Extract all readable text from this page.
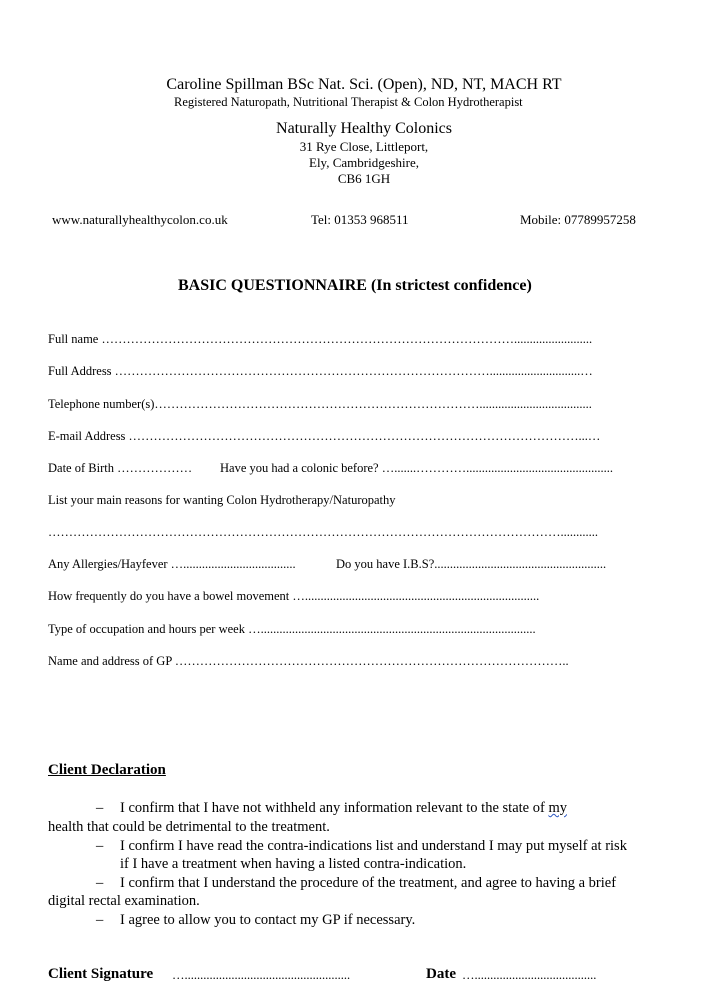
Caroline Spillman BSc Nat. Sci. (Open), ND, NT, MACH RT
Registered Naturopath, Nutritional Therapist & Colon Hydrotherapist
Naturally Healthy Colonics
31 Rye Close, Littleport,
Ely, Cambridgeshire,
CB6 1GH
www.naturallyhealthycolon.co.uk	Tel: 01353 968511	Mobile: 07789957258
BASIC QUESTIONNAIRE (In strictest confidence)
Full name ……………………………………………………………………………………….........................
Full Address ……………………………………………………………………………….............................…
Telephone number(s)……………………………………………………………………....................................
E-mail Address ………………………………………………………………………………………………...…
Date of Birth ……………… Have you had a colonic before? ….......…………...............................................
List your main reasons for wanting Colon Hydrotherapy/Naturopathy
……………………………………………………………………………………………………………............
Any Allergies/Hayfever …....................................	Do you have I.B.S?.......................................................
How frequently do you have a bowel movement …...........................................................................
Type of occupation and hours per week …........................................................................................
Name and address of GP …………………………………………………………………………………..
Client Declaration
– I confirm that I have not withheld any information relevant to the state of my
health that could be detrimental to the treatment.
– I confirm I have read the contra-indications list and understand I may put myself at risk
if I have a treatment when having a listed contra-indication.
– I confirm that I understand the procedure of the treatment, and agree to having a brief
digital rectal examination.
– I agree to allow you to contact my GP if necessary.
Client Signature ….....................................................	Date ….......................................
